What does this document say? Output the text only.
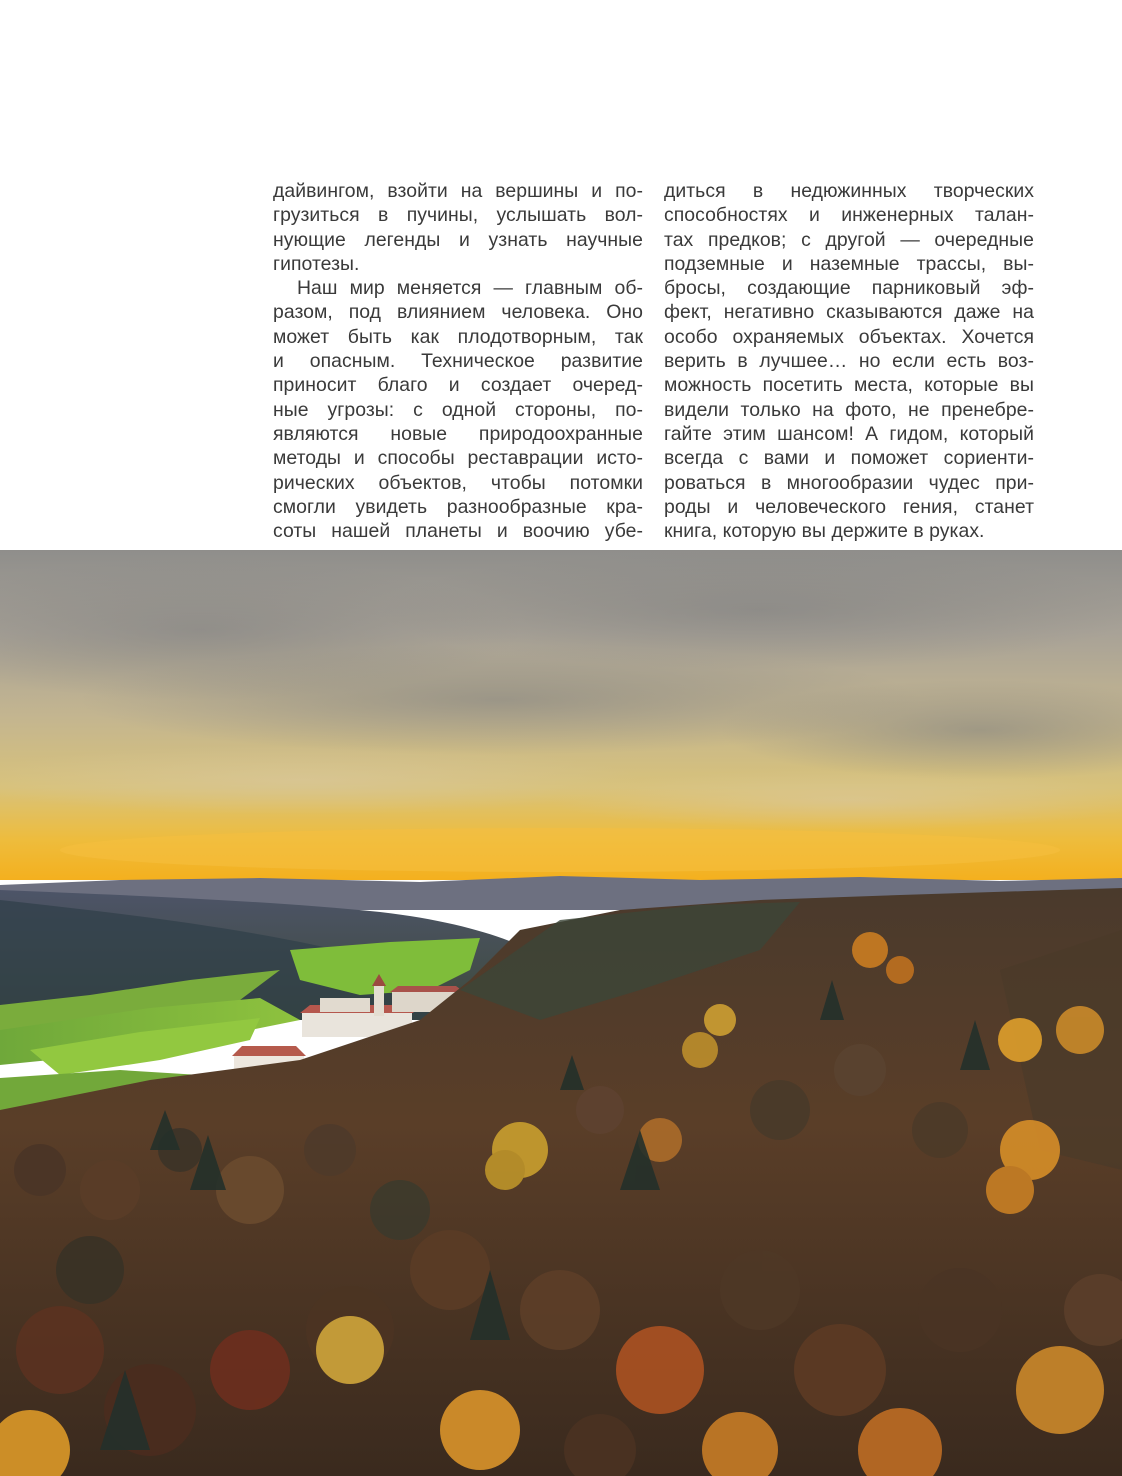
дайвингом, взойти на вершины и по-
грузиться в пучины, услышать вол-
нующие легенды и узнать научные
гипотезы.
Наш мир меняется — главным об-
разом, под влиянием человека. Оно
может быть как плодотворным, так
и опасным. Техническое развитие
приносит благо и создает очеред-
ные угрозы: с одной стороны, по-
являются новые природоохранные
методы и способы реставрации исто-
рических объектов, чтобы потомки
смогли увидеть разнообразные кра-
соты нашей планеты и воочию убе-
диться в недюжинных творческих
способностях и инженерных талан-
тах предков; с другой — очередные
подземные и наземные трассы, вы-
бросы, создающие парниковый эф-
фект, негативно сказываются даже на
особо охраняемых объектах. Хочется
верить в лучшее… но если есть воз-
можность посетить места, которые вы
видели только на фото, не пренебре-
гайте этим шансом! А гидом, который
всегда с вами и поможет сориенти-
роваться в многообразии чудес при-
роды и человеческого гения, станет
книга, которую вы держите в руках.
